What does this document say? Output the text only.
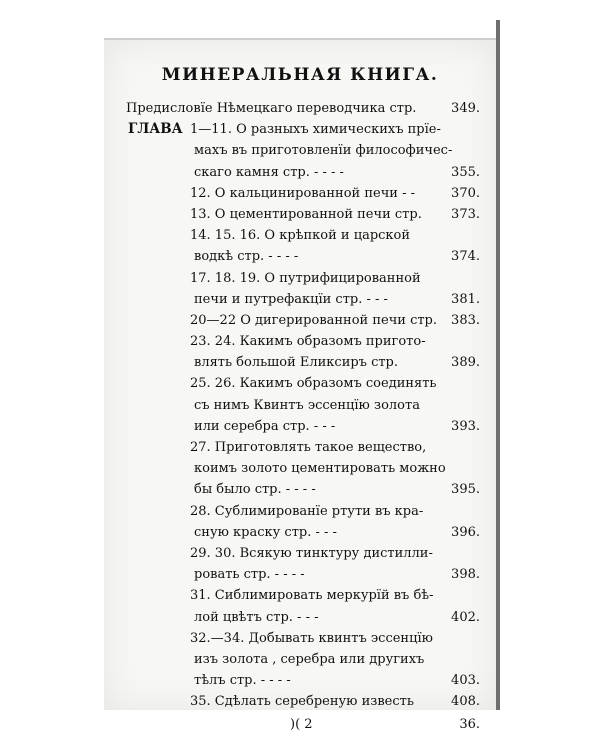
МИНЕРАЛЬНАЯ КНИГА.
Предисловїе Нѣмецкаго переводчика стр.	349.
ГЛАВА 1—11. О разныхъ химическихъ прїе-
махъ въ приготовленїи философичес-
скаго камня стр. - - - -	355.
12. О кальцинированной печи - -	370.
13. О цементированной печи стр. 373.
14. 15. 16. О крѣпкой и царской
водкѣ стр. - - - -	374.
17. 18. 19. О путрифицированной
печи и путрефакцїи стр. - - -	381.
20—22 О дигерированной печи стр. 383.
23. 24. Какимъ образомъ пригото-
влять большой Еликсиръ стр.	389.
25. 26. Какимъ образомъ соединять
съ нимъ Квинтъ эссенцїю золота
или серебра стр. - - -	393.
27. Приготовлять такое вещество,
коимъ золото цементировать можно
бы было стр. - - - -	395.
28. Сублимированїе ртути въ кра-
сную краску стр. - - -	396.
29. 30. Всякую тинктуру дистилли-
ровать стр. - - - -	398.
31. Сиблимировать меркурїй въ бѣ-
лой цвѣтъ стр. - - -	402.
32.—34. Добывать квинтъ эссенцїю
изъ золота , серебра или другихъ
тѣлъ стр. - - - -	403.
35. Сдѣлать серебреную известь	408.
)( 2	36.
